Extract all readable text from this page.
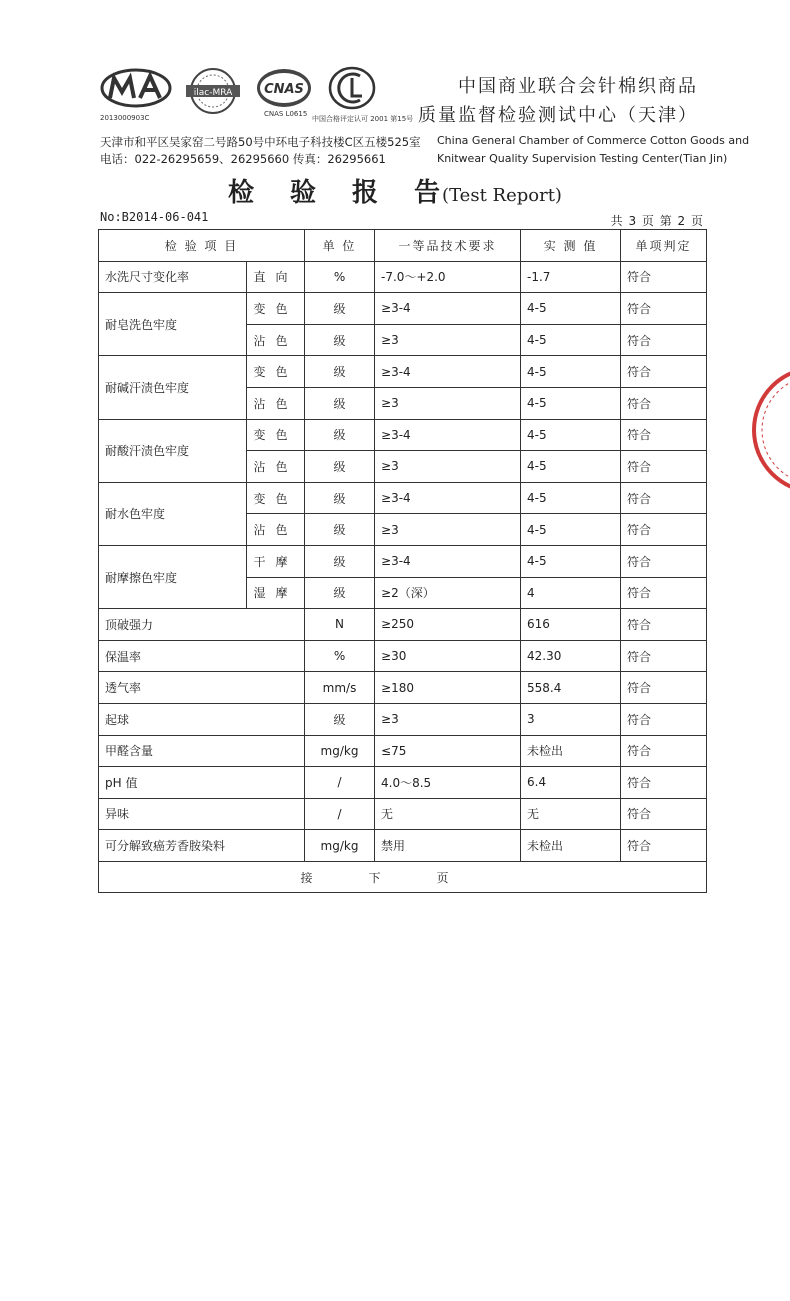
2013000903C
ilac-MRA CNAS
CNAS L0615
中国合格评定认可 2001 第15号
天津市和平区吴家窑二号路50号中环电子科技楼C区五楼525室
电话：022-26295659、26295660 传真：26295661
中国商业联合会针棉织商品
质量监督检验测试中心（天津）
China General Chamber of Commerce Cotton Goods and
Knitwear Quality Supervision Testing Center(Tian Jin)
检验报告(Test Report)
No:B2014-06-041	共 3 页 第 2 页
检 验 项 目		单 位	一等品技术要求	实 测 值	单项判定
水洗尺寸变化率	直向	%	-7.0～+2.0	-1.7	符合
耐皂洗色牢度	变色	级	≥3-4	4-5	符合
	沾色	级	≥3	4-5	符合
耐碱汗渍色牢度	变色	级	≥3-4	4-5	符合
	沾色	级	≥3	4-5	符合
耐酸汗渍色牢度	变色	级	≥3-4	4-5	符合
	沾色	级	≥3	4-5	符合
耐水色牢度	变色	级	≥3-4	4-5	符合
	沾色	级	≥3	4-5	符合
耐摩擦色牢度	干摩	级	≥3-4	4-5	符合
	湿摩	级	≥2（深）	4	符合
顶破强力		N	≥250	616	符合
保温率		%	≥30	42.30	符合
透气率		mm/s	≥180	558.4	符合
起球		级	≥3	3	符合
甲醛含量		mg/kg	≤75	未检出	符合
pH 值		/	4.0～8.5	6.4	符合
异味		/	无	无	符合
可分解致癌芳香胺染料		mg/kg	禁用	未检出	符合
接下页					
